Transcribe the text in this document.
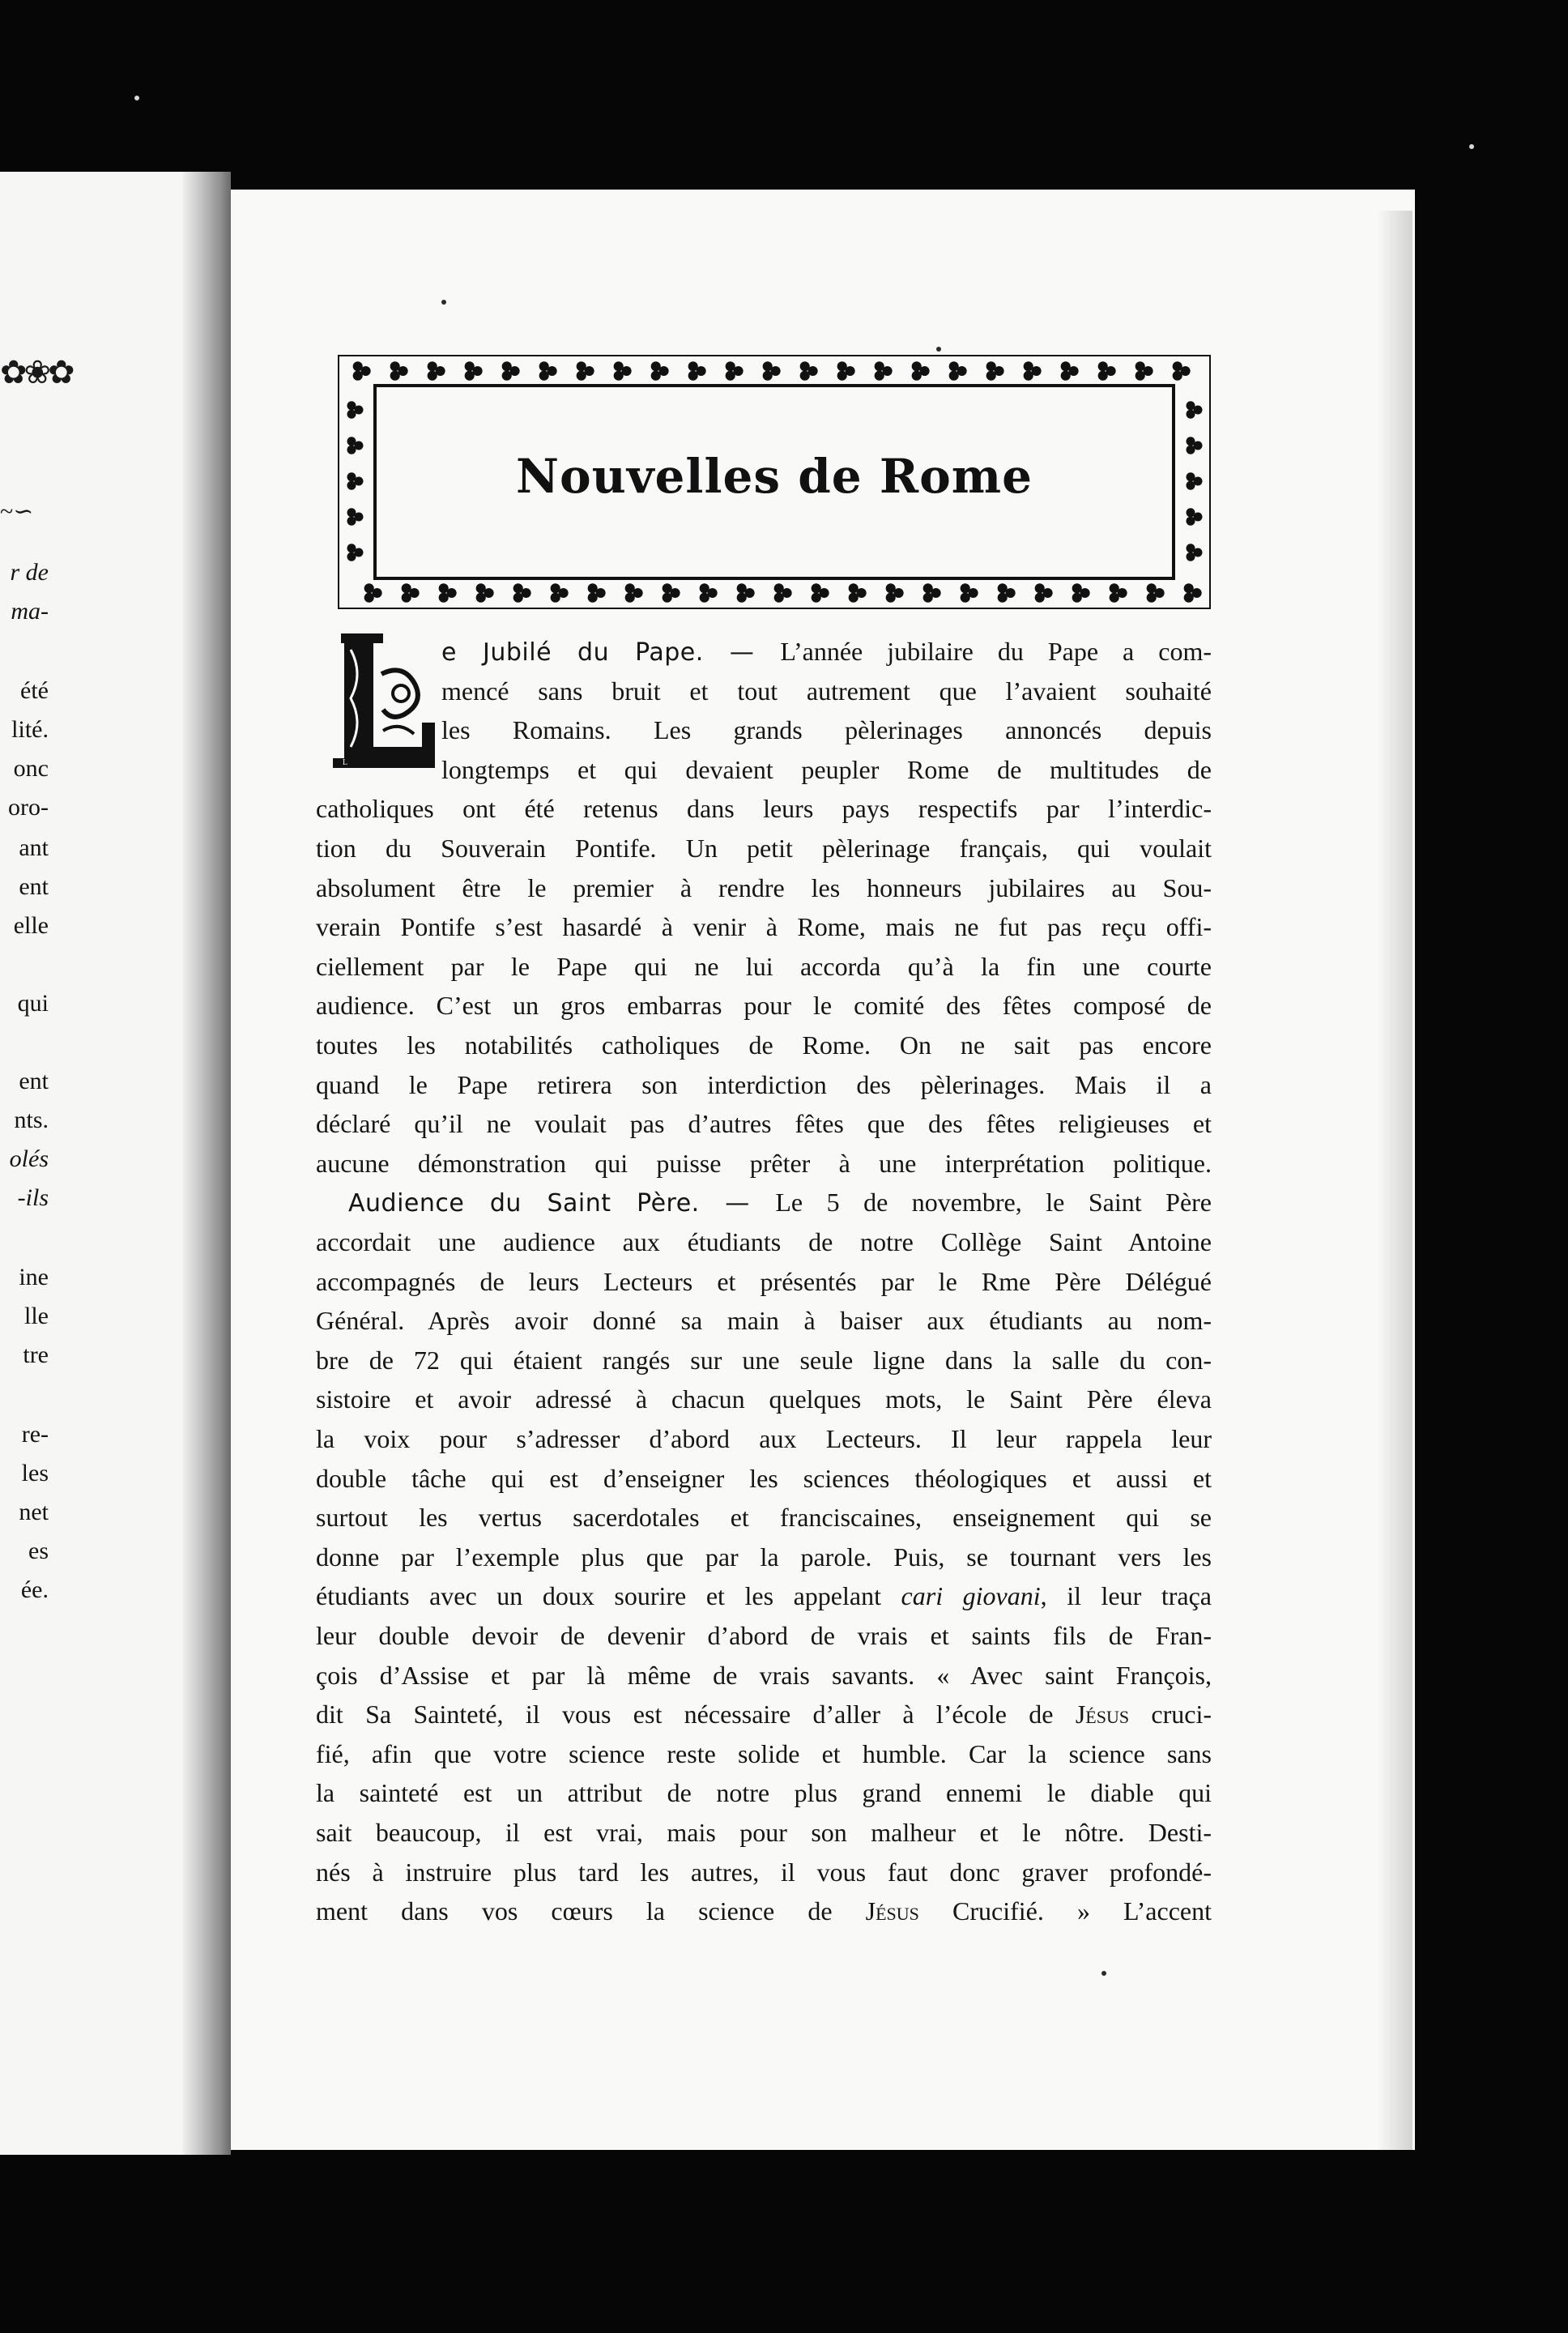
✿❀✿
~∽
r de
ma-
été
lité.
onc
oro-
ant
ent
elle
qui
ent
nts.
olés
-ils
ine
lle
tre
re-
les
net
es
ée.
Nouvelles de Rome
L
e Jubilé du Pape. — L’année jubilaire du Pape a com-
mencé sans bruit et tout autrement que l’avaient souhaité
les Romains. Les grands pèlerinages annoncés depuis
longtemps et qui devaient peupler Rome de multitudes de
catholiques ont été retenus dans leurs pays respectifs par l’interdic-
tion du Souverain Pontife. Un petit pèlerinage français, qui voulait
absolument être le premier à rendre les honneurs jubilaires au Sou-
verain Pontife s’est hasardé à venir à Rome, mais ne fut pas reçu offi-
ciellement par le Pape qui ne lui accorda qu’à la fin une courte
audience. C’est un gros embarras pour le comité des fêtes composé de
toutes les notabilités catholiques de Rome. On ne sait pas encore
quand le Pape retirera son interdiction des pèlerinages. Mais il a
déclaré qu’il ne voulait pas d’autres fêtes que des fêtes religieuses et
aucune démonstration qui puisse prêter à une interprétation politique.
Audience du Saint Père. — Le 5 de novembre, le Saint Père
accordait une audience aux étudiants de notre Collège Saint Antoine
accompagnés de leurs Lecteurs et présentés par le Rme Père Délégué
Général. Après avoir donné sa main à baiser aux étudiants au nom-
bre de 72 qui étaient rangés sur une seule ligne dans la salle du con-
sistoire et avoir adressé à chacun quelques mots, le Saint Père éleva
la voix pour s’adresser d’abord aux Lecteurs. Il leur rappela leur
double tâche qui est d’enseigner les sciences théologiques et aussi et
surtout les vertus sacerdotales et franciscaines, enseignement qui se
donne par l’exemple plus que par la parole. Puis, se tournant vers les
étudiants avec un doux sourire et les appelant cari giovani, il leur traça
leur double devoir de devenir d’abord de vrais et saints fils de Fran-
çois d’Assise et par là même de vrais savants. « Avec saint François,
dit Sa Sainteté, il vous est nécessaire d’aller à l’école de Jésus cruci-
fié, afin que votre science reste solide et humble. Car la science sans
la sainteté est un attribut de notre plus grand ennemi le diable qui
sait beaucoup, il est vrai, mais pour son malheur et le nôtre. Desti-
nés à instruire plus tard les autres, il vous faut donc graver profondé-
ment dans vos cœurs la science de Jésus Crucifié. » L’accent
